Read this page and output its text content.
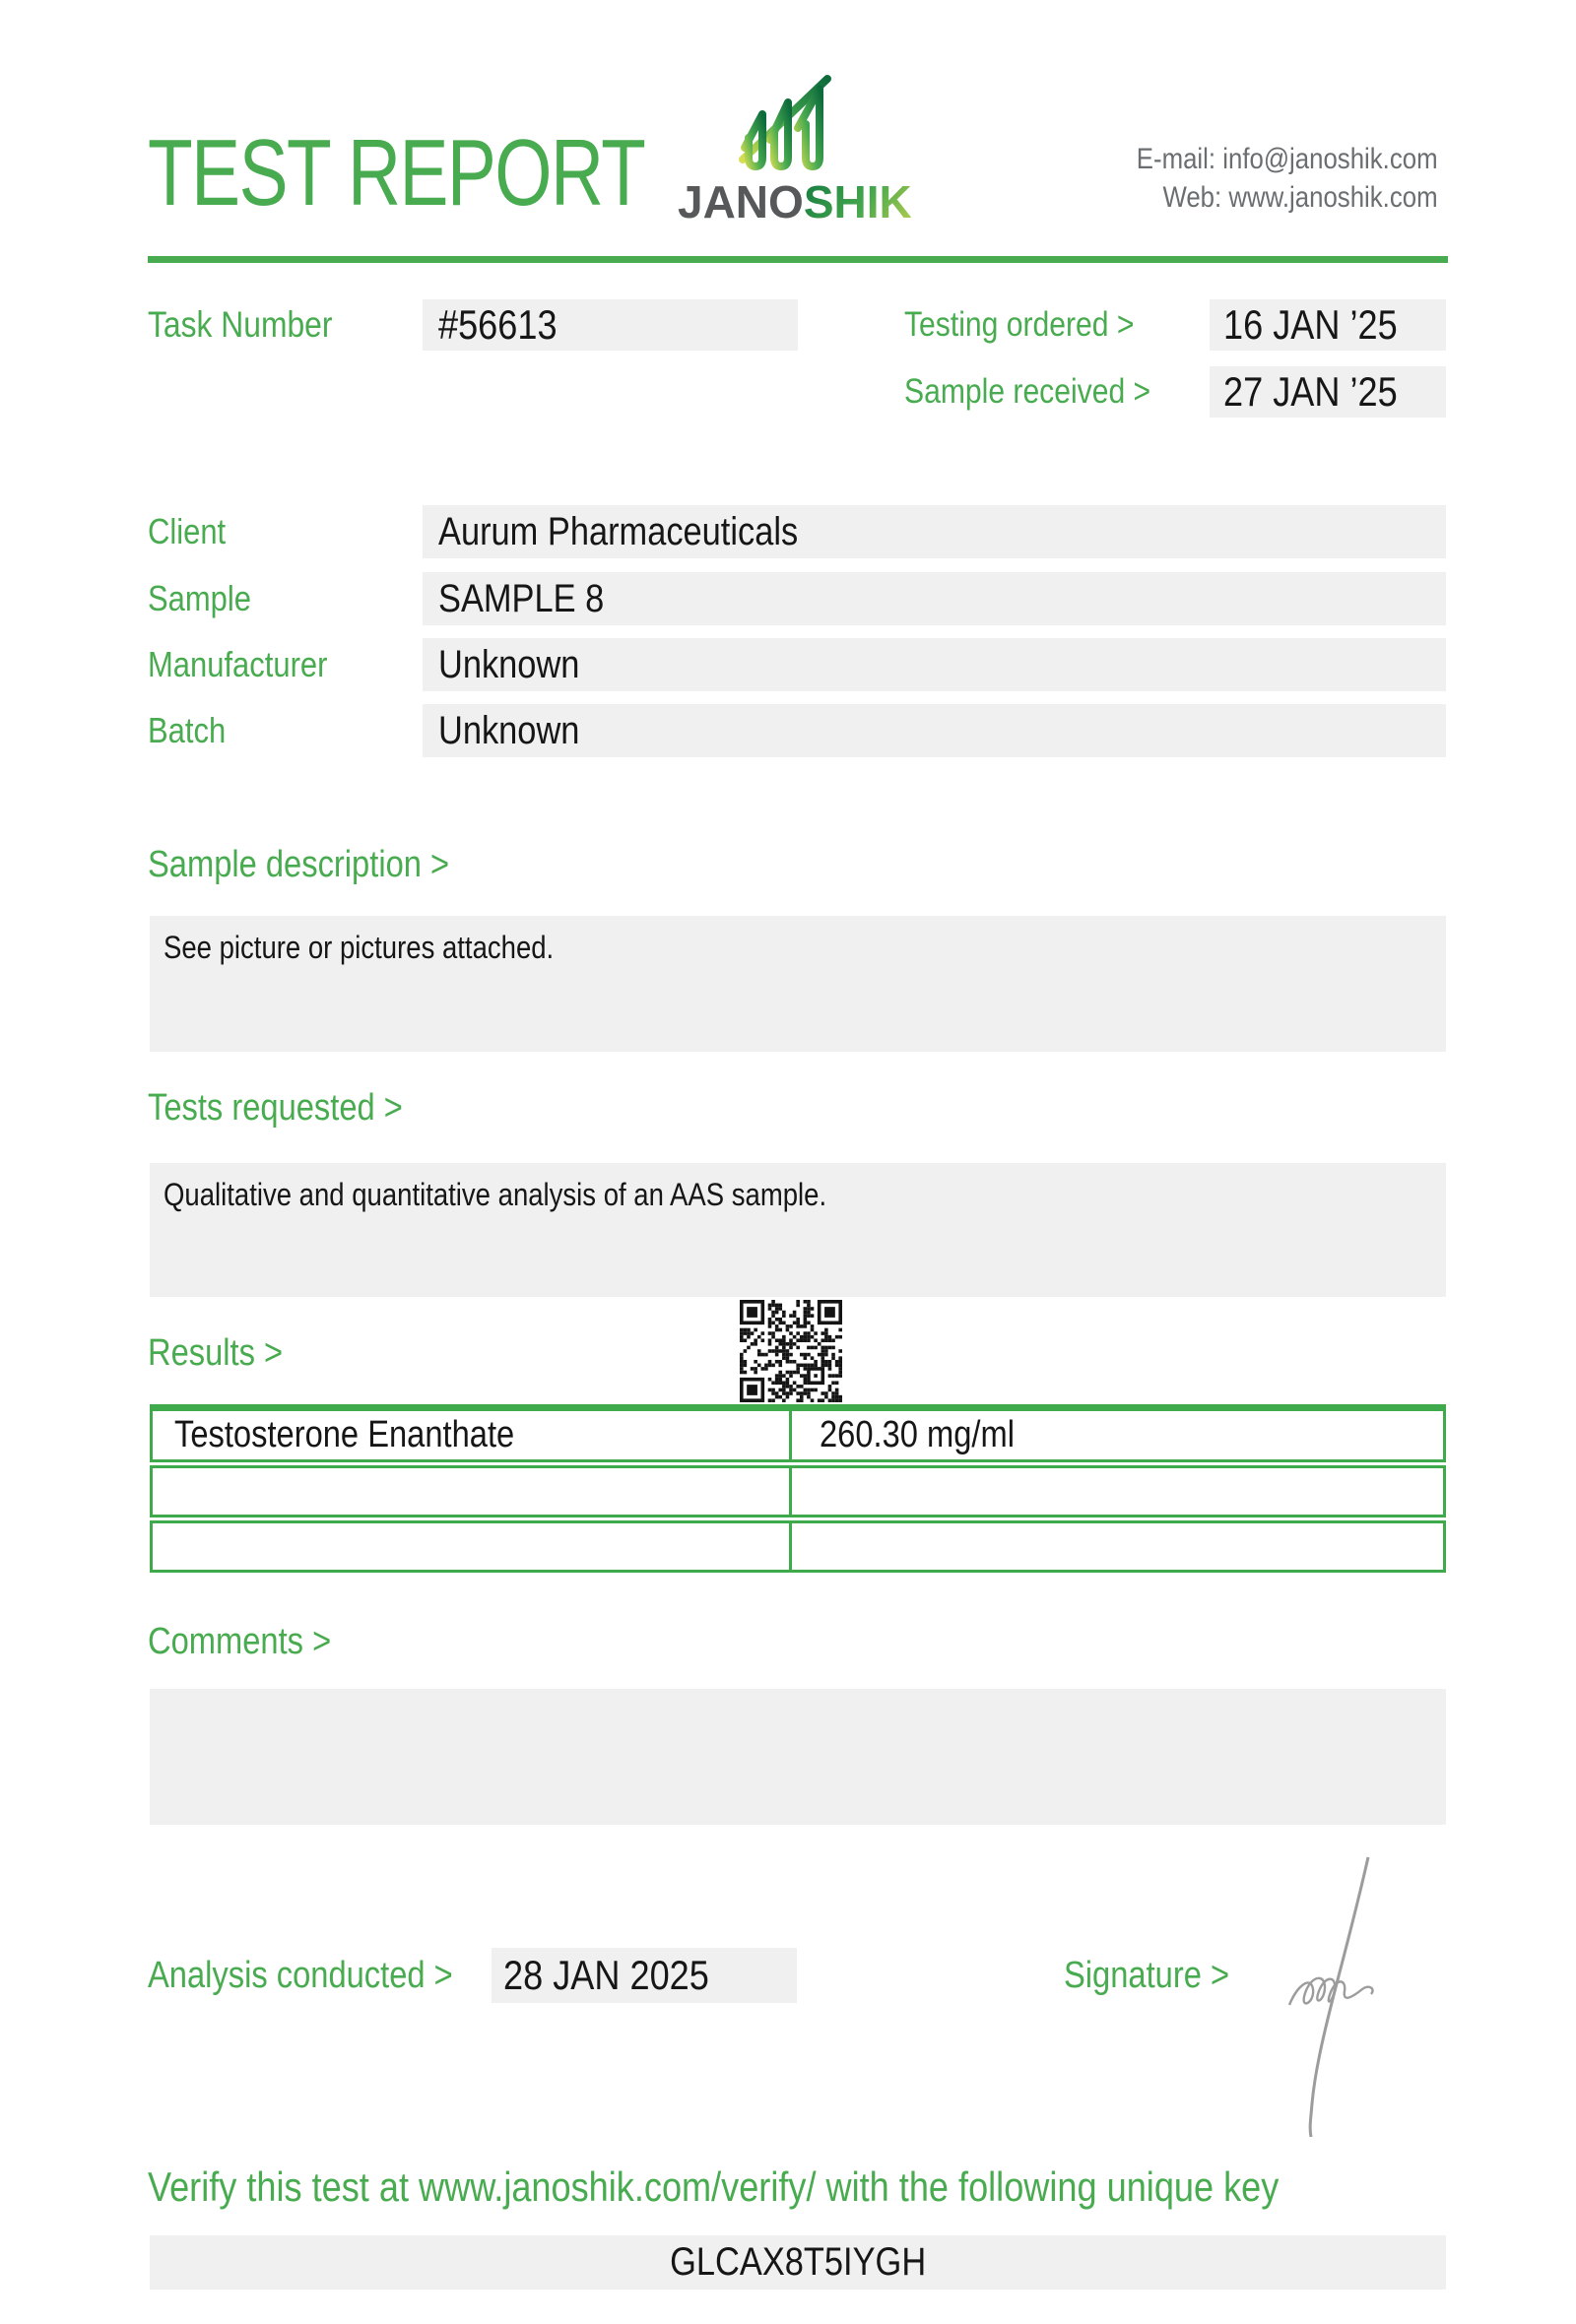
TEST REPORT JANOSHIK
E-mail: info@janoshik.com
Web: www.janoshik.com
Task Number	#56613	Testing ordered >	16 JAN ’25
Sample received >	27 JAN ’25
Client	Aurum Pharmaceuticals
Sample	SAMPLE 8
Manufacturer	Unknown
Batch	Unknown
Sample description >
See picture or pictures attached.
Tests requested >
Qualitative and quantitative analysis of an AAS sample.
Results >
Testosterone Enanthate	260.30 mg/ml
Comments >
Analysis conducted >	28 JAN 2025	Signature >
Verify this test at www.janoshik.com/verify/ with the following unique key
GLCAX8T5IYGH
